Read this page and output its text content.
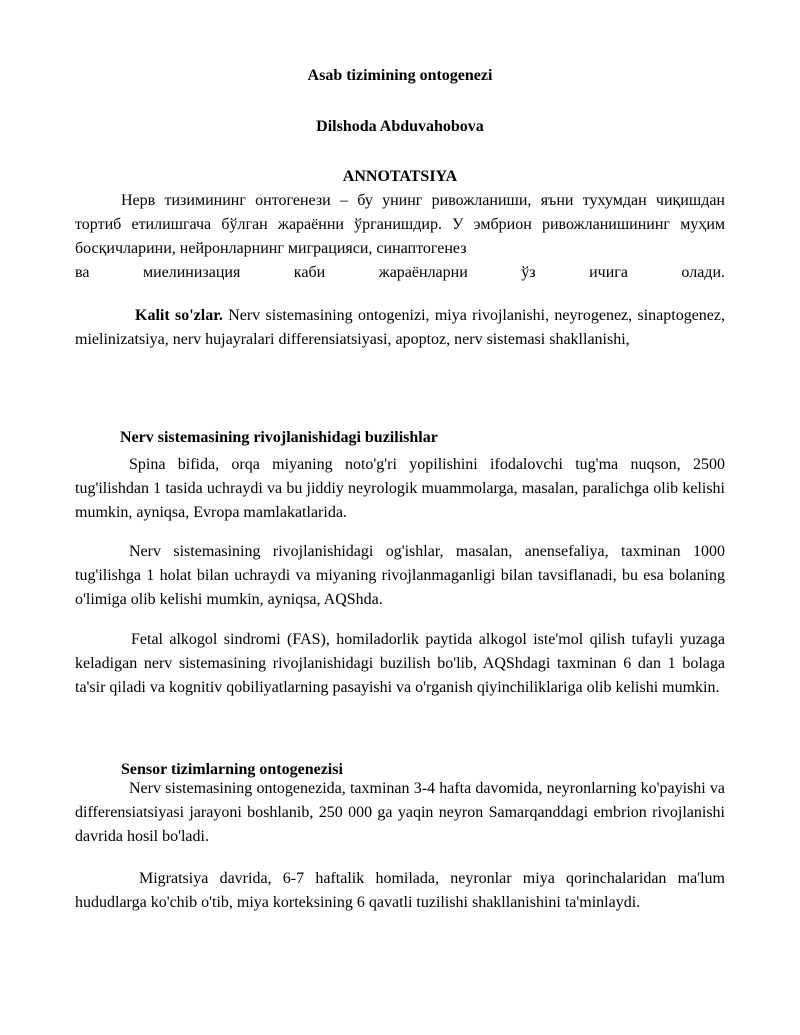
Asab tizimining ontogenezi
Dilshoda Abduvahobova
ANNOTATSIYA
Нерв тизимининг онтогенези – бу унинг ривожланиши, яъни тухумдан чиқишдан тортиб етилишгача бўлган жараённи ўрганишдир. У эмбрион ривожланишининг муҳим босқичларини, нейронларнинг миграцияси, синаптогенез
ва миелинизация каби жараёнларни ўз ичига олади.
Kalit so'zlar. Nerv sistemasining ontogenizi, miya rivojlanishi, neyrogenez, sinaptogenez, mielinizatsiya, nerv hujayralari differensiatsiyasi, apoptoz, nerv sistemasi shakllanishi,
Nerv sistemasining rivojlanishidagi buzilishlar
Spina bifida, orqa miyaning noto'g'ri yopilishini ifodalovchi tug'ma nuqson, 2500 tug'ilishdan 1 tasida uchraydi va bu jiddiy neyrologik muammolarga, masalan, paralichga olib kelishi mumkin, ayniqsa, Evropa mamlakatlarida.
Nerv sistemasining rivojlanishidagi og'ishlar, masalan, anensefaliya, taxminan 1000 tug'ilishga 1 holat bilan uchraydi va miyaning rivojlanmaganligi bilan tavsiflanadi, bu esa bolaning o'limiga olib kelishi mumkin, ayniqsa, AQShda.
Fetal alkogol sindromi (FAS), homiladorlik paytida alkogol iste'mol qilish tufayli yuzaga keladigan nerv sistemasining rivojlanishidagi buzilish bo'lib, AQShdagi taxminan 6 dan 1 bolaga ta'sir qiladi va kognitiv qobiliyatlarning pasayishi va o'rganish qiyinchiliklariga olib kelishi mumkin.
Sensor tizimlarning ontogenezisi
Nerv sistemasining ontogenezida, taxminan 3-4 hafta davomida, neyronlarning ko'payishi va differensiatsiyasi jarayoni boshlanib, 250 000 ga yaqin neyron Samarqanddagi embrion rivojlanishi davrida hosil bo'ladi.
Migratsiya davrida, 6-7 haftalik homilada, neyronlar miya qorinchalaridan ma'lum hududlarga ko'chib o'tib, miya korteksining 6 qavatli tuzilishi shakllanishini ta'minlaydi.
